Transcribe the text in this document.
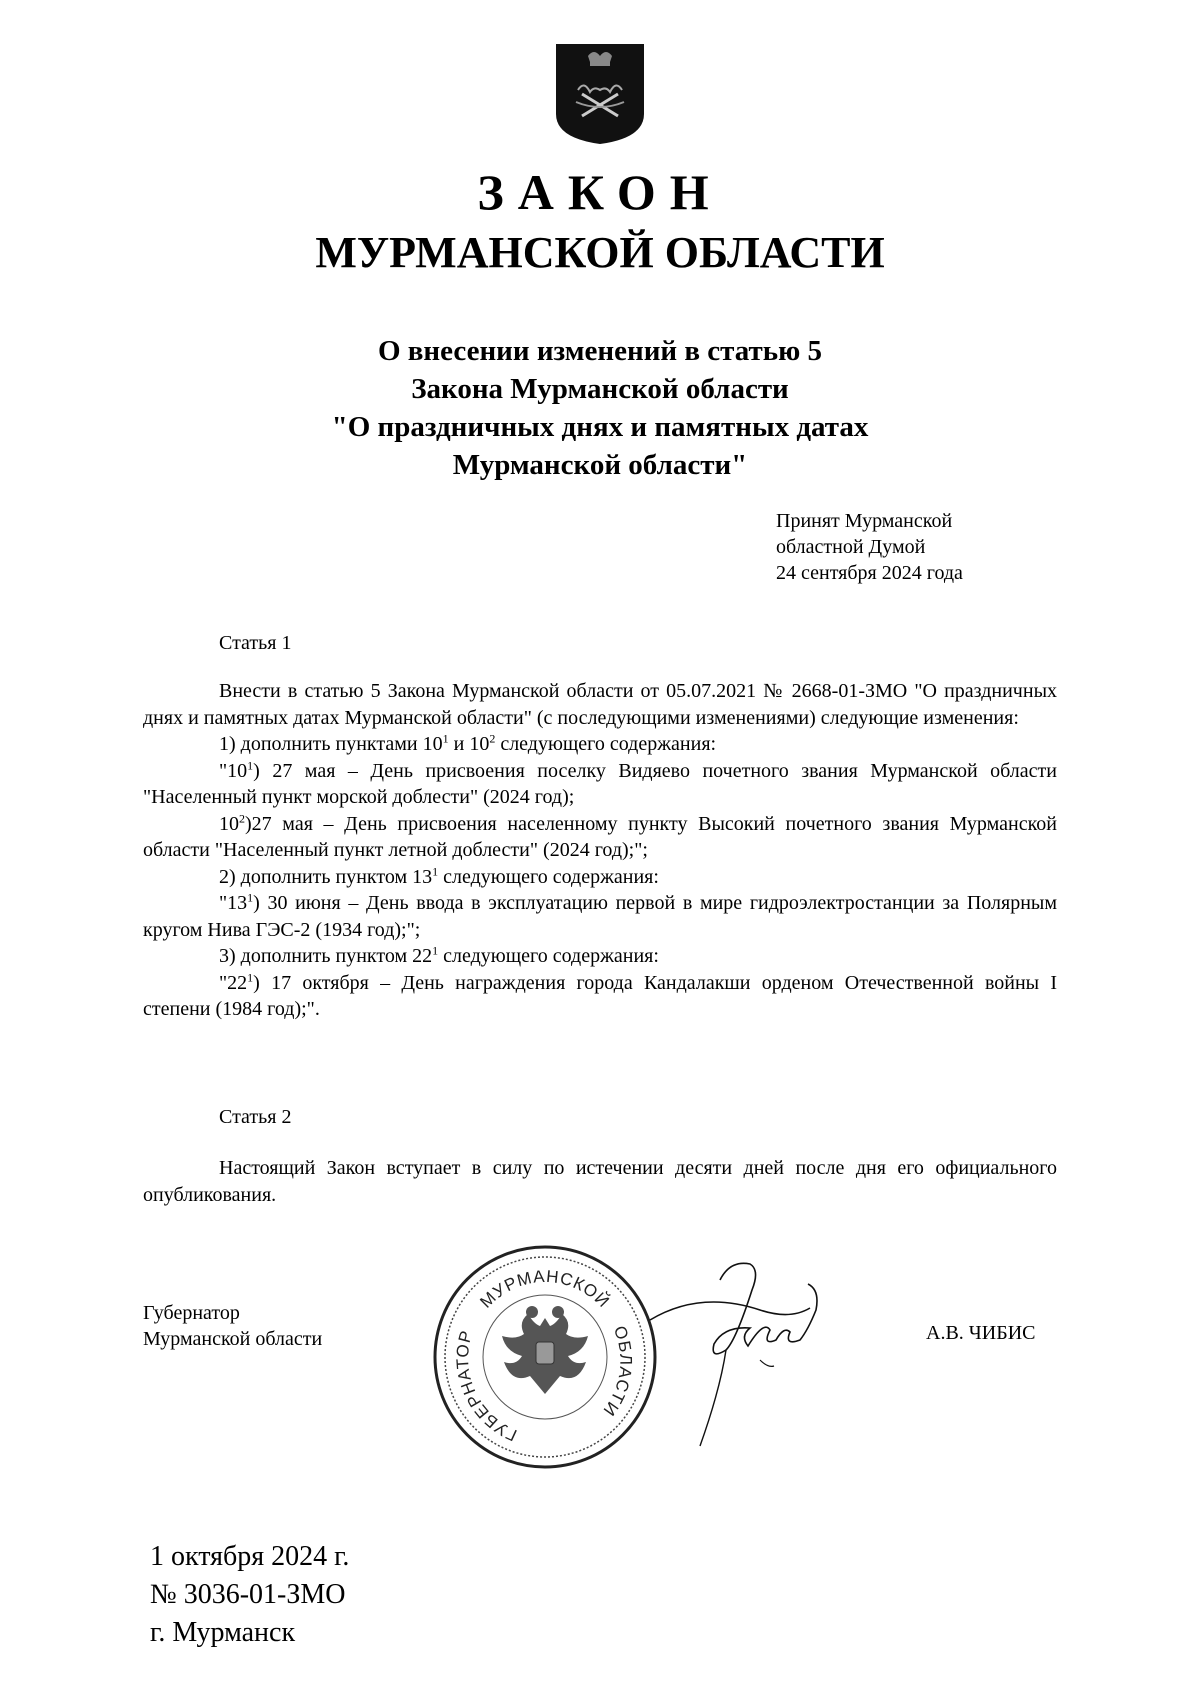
ЗАКОН
МУРМАНСКОЙ ОБЛАСТИ
О внесении изменений в статью 5
Закона Мурманской области
"О праздничных днях и памятных датах
Мурманской области"
Принят Мурманской
областной Думой
24 сентября 2024 года
Статья 1

Внести в статью 5 Закона Мурманской области от 05.07.2021 № 2668-01-ЗМО "О праздничных днях и памятных датах Мурманской области" (с последующими изменениями) следующие изменения:

1) дополнить пунктами $10^1$ и $10^2$ следующего содержания:

"$10^1$) 27 мая – День присвоения поселку Видяево почетного звания Мурманской области "Населенный пункт морской доблести" (2024 год);

$10^2)27$ мая – День присвоения населенному пункту Высокий почетного звания Мурманской области "Населенный пункт летной доблести" (2024 год);";

2) дополнить пунктом $13^1$ следующего содержания:

"$13^1$) 30 июня – День ввода в эксплуатацию первой в мире гидроэлектростанции за Полярным кругом Нива ГЭС-2 (1934 год);";

3) дополнить пунктом $22^1$ следующего содержания:

"$22^1$) 17 октября – День награждения города Кандалакши орденом Отечественной войны I степени (1984 год);".

Статья 2

Настоящий Закон вступает в силу по истечении десяти дней после дня его официального опубликования.

Губернатор
Мурманской области
МУРМАНСКОЙ
ГУБЕРНАТОР	ОБЛАСТИ
А.В. ЧИБИС
1 октября 2024 г.
№ 3036-01-ЗМО
г. Мурманск
